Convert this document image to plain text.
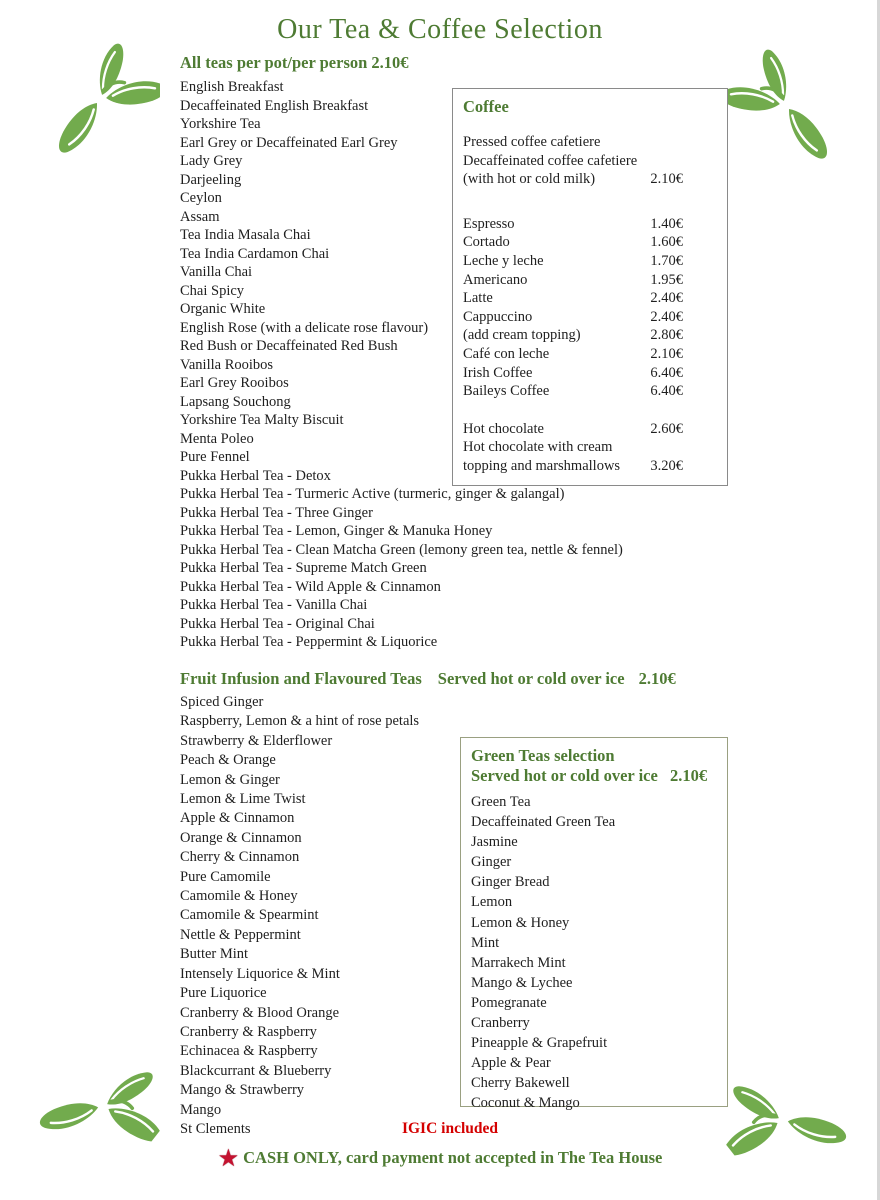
Our Tea & Coffee Selection
All teas per pot/per person 2.10€
English Breakfast
Decaffeinated English Breakfast
Yorkshire Tea
Earl Grey or Decaffeinated Earl Grey
Lady Grey
Darjeeling
Ceylon
Assam
Tea India Masala Chai
Tea India Cardamon Chai
Vanilla Chai
Chai Spicy
Organic White
English Rose (with a delicate rose flavour)
Red Bush or Decaffeinated Red Bush
Vanilla Rooibos
Earl Grey Rooibos
Lapsang Souchong
Yorkshire Tea Malty Biscuit
Menta Poleo
Pure Fennel
Pukka Herbal Tea - Detox
Pukka Herbal Tea - Turmeric Active (turmeric, ginger & galangal)
Pukka Herbal Tea - Three Ginger
Pukka Herbal Tea - Lemon, Ginger & Manuka Honey
Pukka Herbal Tea - Clean Matcha Green (lemony green tea, nettle & fennel)
Pukka Herbal Tea - Supreme Match Green
Pukka Herbal Tea - Wild Apple & Cinnamon
Pukka Herbal Tea - Vanilla Chai
Pukka Herbal Tea - Original Chai
Pukka Herbal Tea - Peppermint & Liquorice
Coffee
Pressed coffee cafetiere
Decaffeinated coffee cafetiere
(with hot or cold milk)	2.10€
Espresso	1.40€
Cortado	1.60€
Leche y leche	1.70€
Americano	1.95€
Latte	2.40€
Cappuccino	2.40€
(add cream topping)	2.80€
Café con leche	2.10€
Irish Coffee	6.40€
Baileys Coffee	6.40€
Hot chocolate	2.60€
Hot chocolate with cream topping and marshmallows	3.20€
Fruit Infusion and Flavoured Teas Served hot or cold over ice 2.10€
Spiced Ginger
Raspberry, Lemon & a hint of rose petals
Strawberry & Elderflower
Peach & Orange
Lemon & Ginger
Lemon & Lime Twist
Apple & Cinnamon
Orange & Cinnamon
Cherry & Cinnamon
Pure Camomile
Camomile & Honey
Camomile & Spearmint
Nettle & Peppermint
Butter Mint
Intensely Liquorice & Mint
Pure Liquorice
Cranberry & Blood Orange
Cranberry & Raspberry
Echinacea & Raspberry
Blackcurrant & Blueberry
Mango & Strawberry
Mango
St Clements
Green Teas selection
Served hot or cold over ice 2.10€
Green Tea
Decaffeinated Green Tea
Jasmine
Ginger
Ginger Bread
Lemon
Lemon & Honey
Mint
Marrakech Mint
Mango & Lychee
Pomegranate
Cranberry
Pineapple & Grapefruit
Apple & Pear
Cherry Bakewell
Coconut & Mango
IGIC included
★ CASH ONLY, card payment not accepted in The Tea House
